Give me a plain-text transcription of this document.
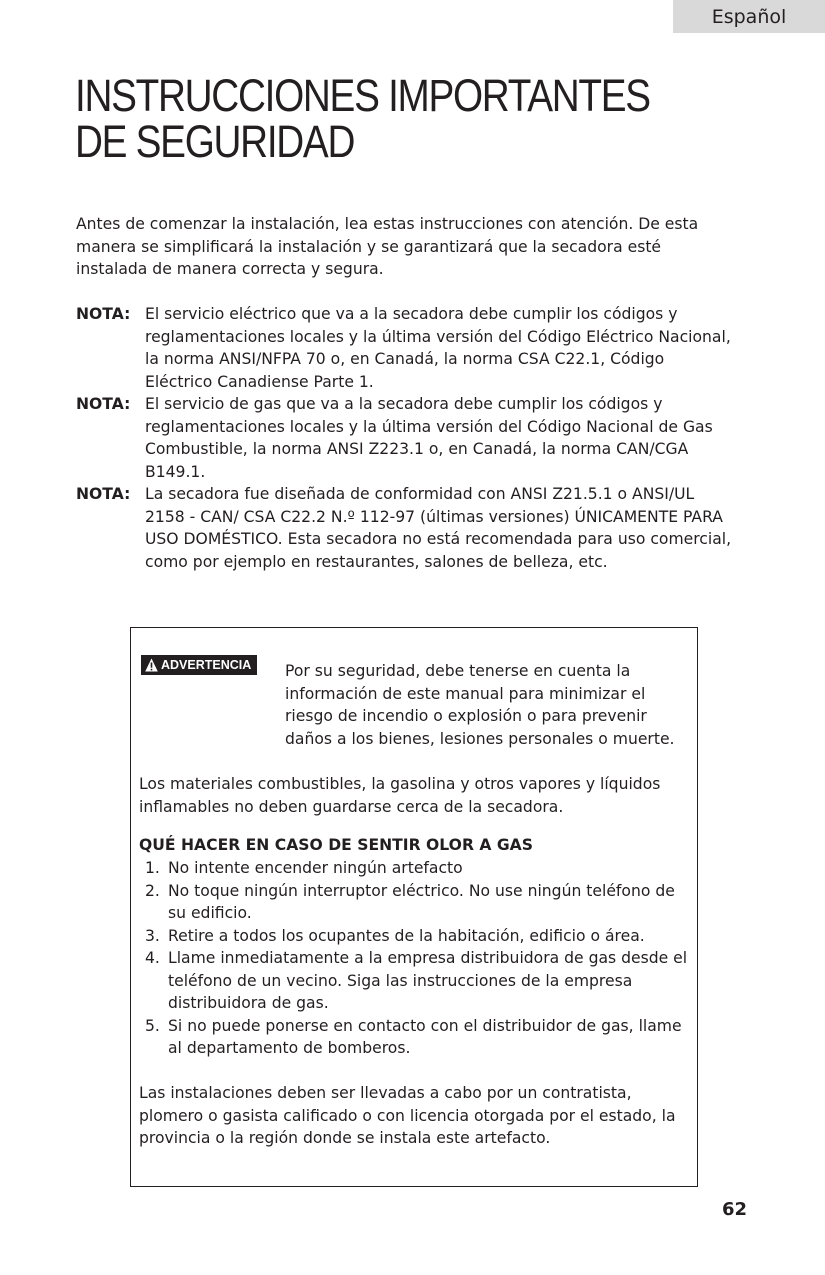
Español
INSTRUCCIONES IMPORTANTES
DE SEGURIDAD

Antes de comenzar la instalación, lea estas instrucciones con atención. De esta manera se simplificará la instalación y se garantizará que la secadora esté instalada de manera correcta y segura.

NOTA: El servicio eléctrico que va a la secadora debe cumplir los códigos y reglamentaciones locales y la última versión del Código Eléctrico Nacional, la norma ANSI/NFPA 70 o, en Canadá, la norma CSA C22.1, Código Eléctrico Canadiense Parte 1.
NOTA: El servicio de gas que va a la secadora debe cumplir los códigos y reglamentaciones locales y la última versión del Código Nacional de Gas Combustible, la norma ANSI Z223.1 o, en Canadá, la norma CAN/CGA B149.1.
NOTA: La secadora fue diseñada de conformidad con ANSI Z21.5.1 o ANSI/UL 2158 - CAN/ CSA C22.2 N.º 112-97 (últimas versiones) ÚNICAMENTE PARA USO DOMÉSTICO. Esta secadora no está recomendada para uso comercial, como por ejemplo en restaurantes, salones de belleza, etc.
ADVERTENCIA Por su seguridad, debe tenerse en cuenta la información de este manual para minimizar el riesgo de incendio o explosión o para prevenir daños a los bienes, lesiones personales o muerte.

Los materiales combustibles, la gasolina y otros vapores y líquidos inflamables no deben guardarse cerca de la secadora.

QUÉ HACER EN CASO DE SENTIR OLOR A GAS

1. No intente encender ningún artefacto
2. No toque ningún interruptor eléctrico. No use ningún teléfono de su edificio.
3. Retire a todos los ocupantes de la habitación, edificio o área.
4. Llame inmediatamente a la empresa distribuidora de gas desde el teléfono de un vecino. Siga las instrucciones de la empresa distribuidora de gas.
5. Si no puede ponerse en contacto con el distribuidor de gas, llame al departamento de bomberos.

Las instalaciones deben ser llevadas a cabo por un contratista, plomero o gasista calificado o con licencia otorgada por el estado, la provincia o la región donde se instala este artefacto.

62
